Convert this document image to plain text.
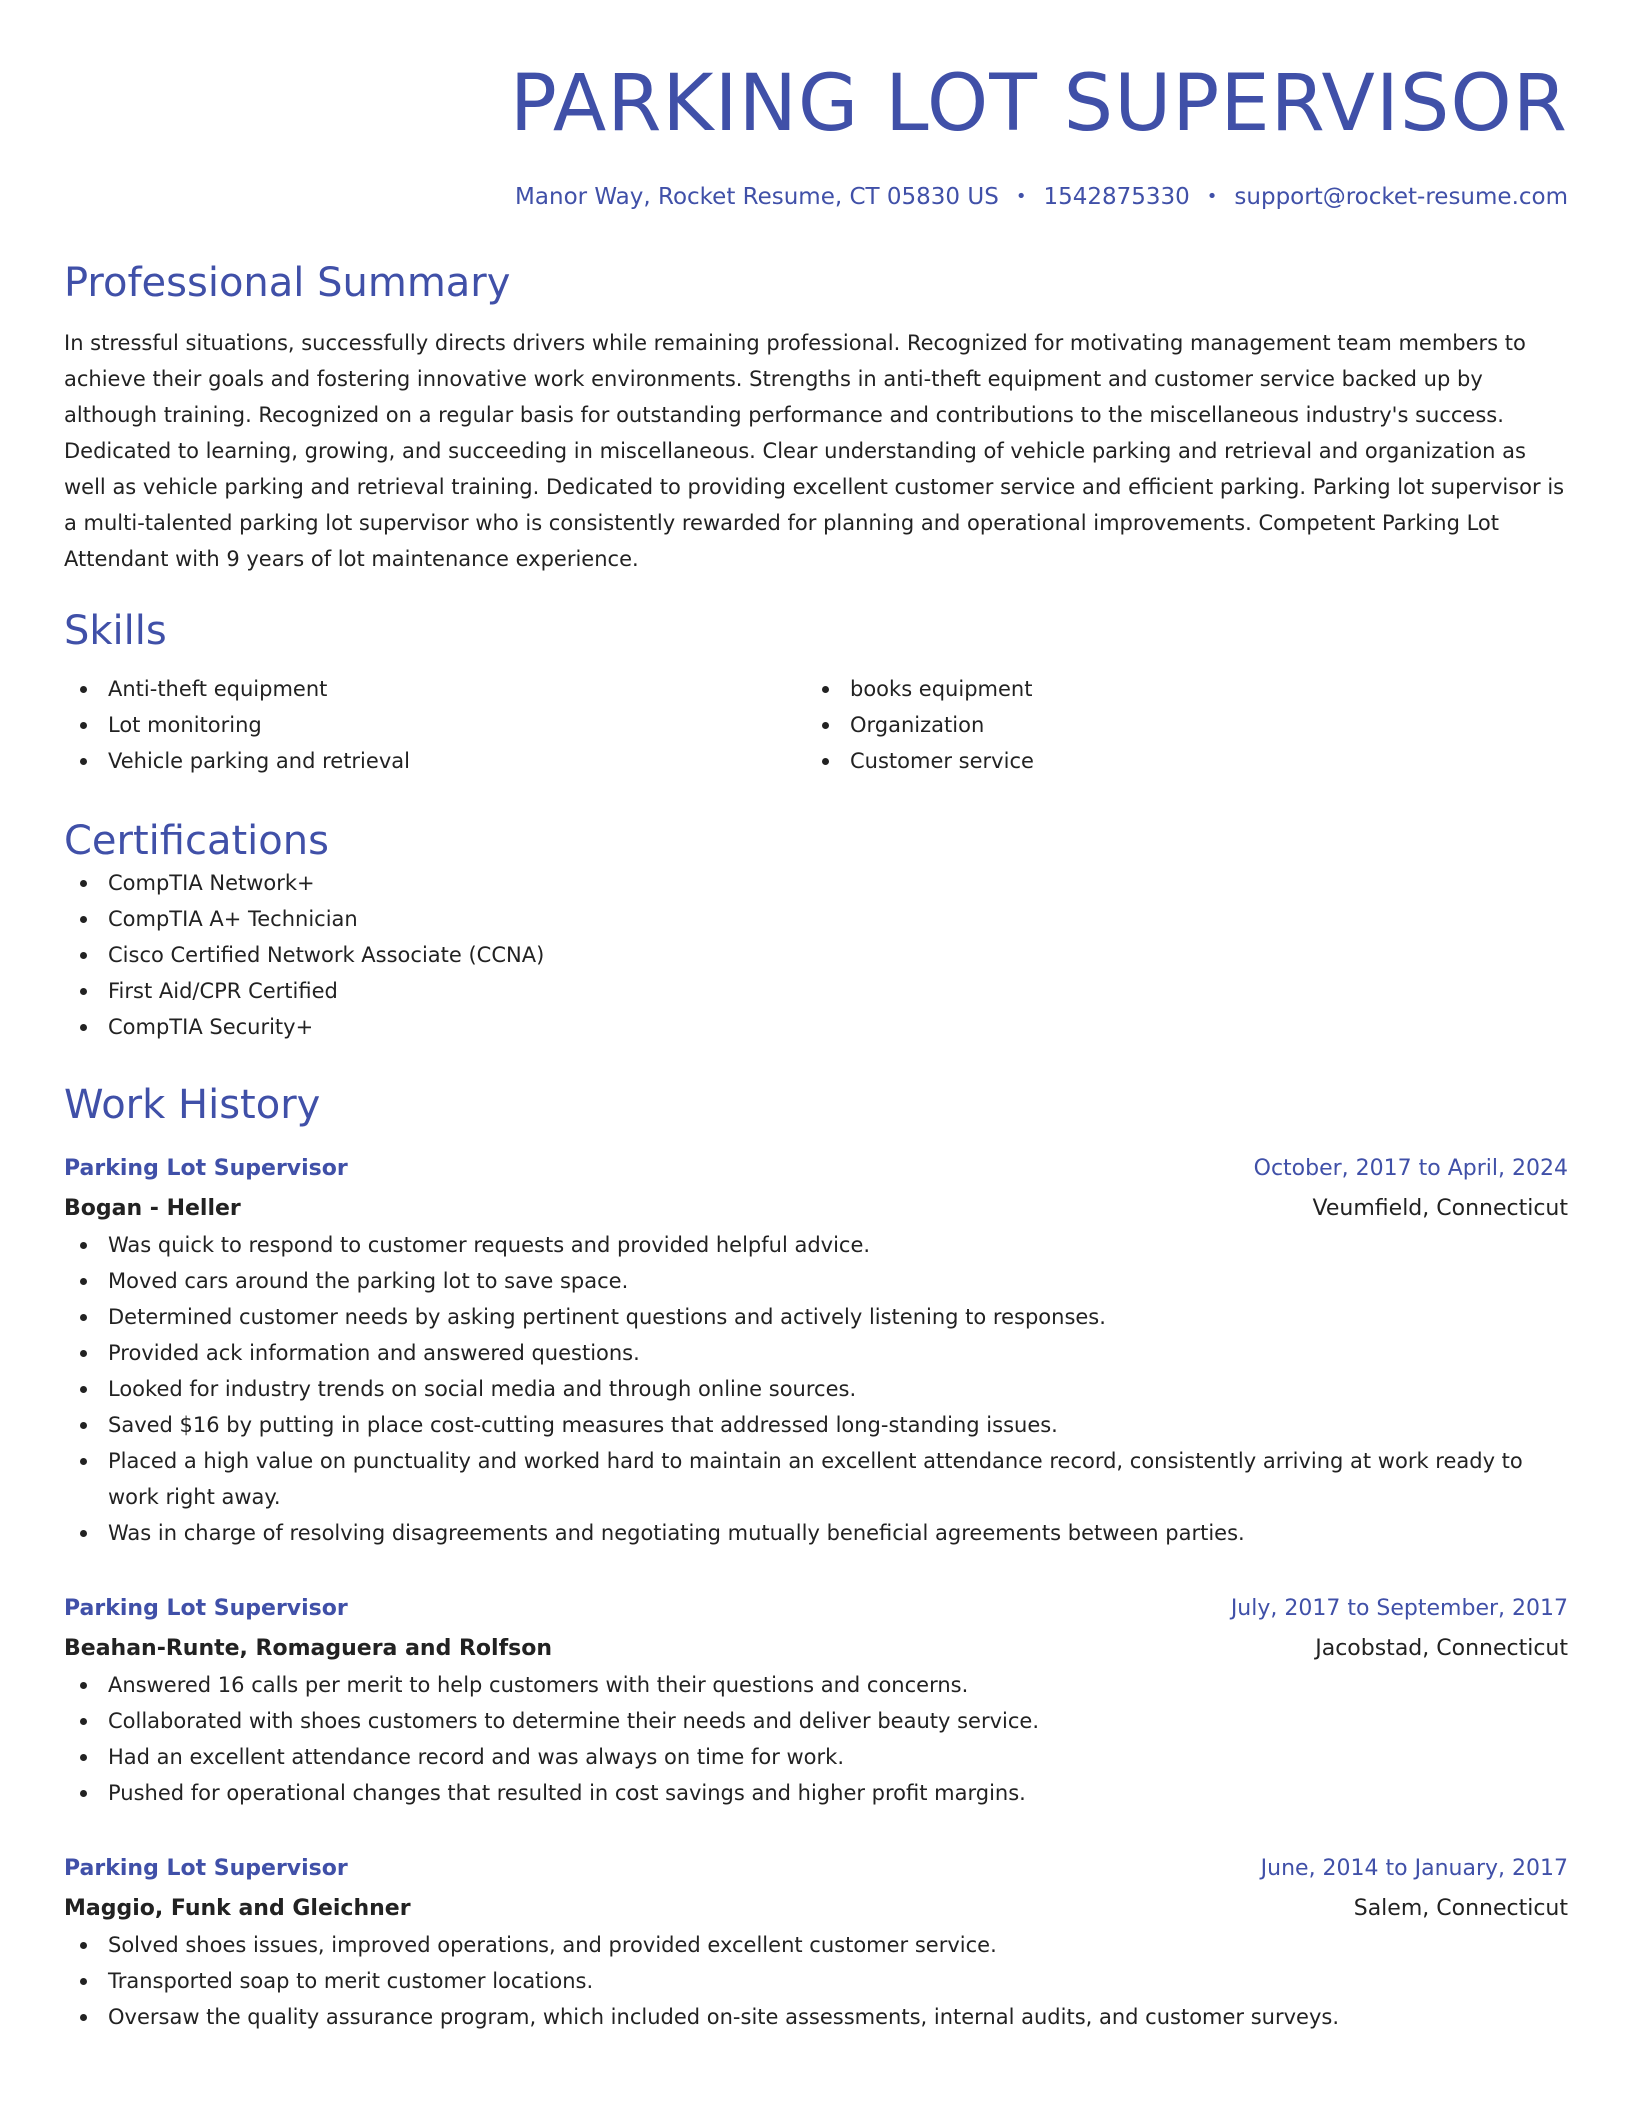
PARKING LOT SUPERVISOR
Manor Way, Rocket Resume, CT 05830 US • 1542875330 • support@rocket-resume.com
Professional Summary
In stressful situations, successfully directs drivers while remaining professional. Recognized for motivating management team members to achieve their goals and fostering innovative work environments. Strengths in anti-theft equipment and customer service backed up by although training. Recognized on a regular basis for outstanding performance and contributions to the miscellaneous industry's success. Dedicated to learning, growing, and succeeding in miscellaneous. Clear understanding of vehicle parking and retrieval and organization as well as vehicle parking and retrieval training. Dedicated to providing excellent customer service and efficient parking. Parking lot supervisor is a multi-talented parking lot supervisor who is consistently rewarded for planning and operational improvements. Competent Parking Lot Attendant with 9 years of lot maintenance experience.
Skills
Anti-theft equipment
Lot monitoring
Vehicle parking and retrieval
books equipment
Organization
Customer service
Certifications
CompTIA Network+
CompTIA A+ Technician
Cisco Certified Network Associate (CCNA)
First Aid/CPR Certified
CompTIA Security+
Work History
Parking Lot Supervisor	October, 2017 to April, 2024
Bogan - Heller	Veumfield, Connecticut
Was quick to respond to customer requests and provided helpful advice.
Moved cars around the parking lot to save space.
Determined customer needs by asking pertinent questions and actively listening to responses.
Provided ack information and answered questions.
Looked for industry trends on social media and through online sources.
Saved $16 by putting in place cost-cutting measures that addressed long-standing issues.
Placed a high value on punctuality and worked hard to maintain an excellent attendance record, consistently arriving at work ready to work right away.
Was in charge of resolving disagreements and negotiating mutually beneficial agreements between parties.
Parking Lot Supervisor	July, 2017 to September, 2017
Beahan-Runte, Romaguera and Rolfson	Jacobstad, Connecticut
Answered 16 calls per merit to help customers with their questions and concerns.
Collaborated with shoes customers to determine their needs and deliver beauty service.
Had an excellent attendance record and was always on time for work.
Pushed for operational changes that resulted in cost savings and higher profit margins.
Parking Lot Supervisor	June, 2014 to January, 2017
Maggio, Funk and Gleichner	Salem, Connecticut
Solved shoes issues, improved operations, and provided excellent customer service.
Transported soap to merit customer locations.
Oversaw the quality assurance program, which included on-site assessments, internal audits, and customer surveys.
